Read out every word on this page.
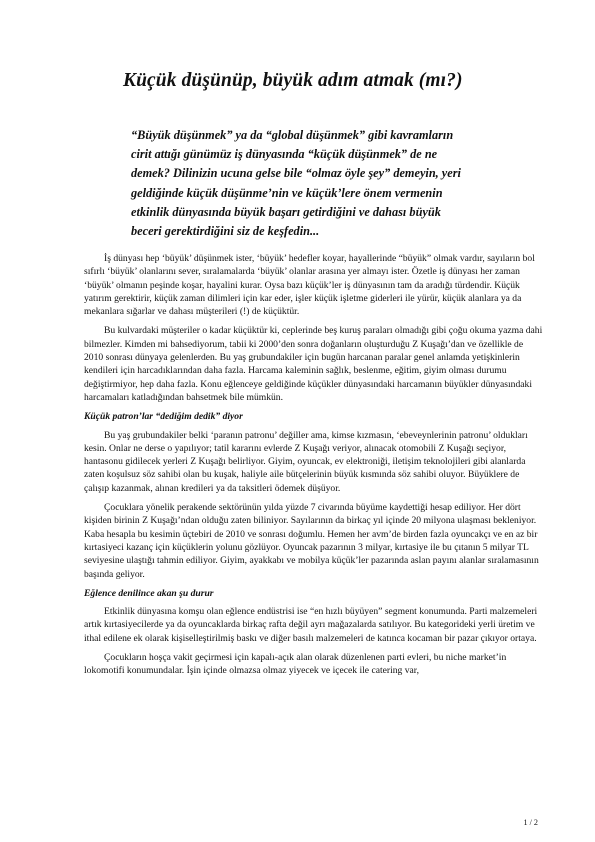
Küçük düşünüp, büyük adım atmak (mı?)
“Büyük düşünmek” ya da “global düşünmek” gibi kavramların
cirit attığı günümüz iş dünyasında “küçük düşünmek” de ne
demek? Dilinizin ucuna gelse bile “olmaz öyle şey” demeyin, yeri
geldiğinde küçük düşünme’nin ve küçük’lere önem vermenin
etkinlik dünyasında büyük başarı getirdiğini ve dahası büyük
beceri gerektirdiğini siz de keşfedin...

İş dünyası hep ‘büyük’ düşünmek ister, ‘büyük’ hedefler koyar, hayallerinde “büyük” olmak vardır, sayıların bol sıfırlı ‘büyük’ olanlarını sever, sıralamalarda ‘büyük’ olanlar arasına yer almayı ister. Özetle iş dünyası her zaman ‘büyük’ olmanın peşinde koşar, hayalini kurar. Oysa bazı küçük’ler iş dünyasının tam da aradığı türdendir. Küçük yatırım gerektirir, küçük zaman dilimleri için kar eder, işler küçük işletme giderleri ile yürür, küçük alanlara ya da mekanlara sığarlar ve dahası müşterileri (!) de küçüktür.

Bu kulvardaki müşteriler o kadar küçüktür ki, ceplerinde beş kuruş paraları olmadığı gibi çoğu okuma yazma dahi bilmezler. Kimden mi bahsediyorum, tabii ki 2000’den sonra doğanların oluşturduğu Z Kuşağı’dan ve özellikle de 2010 sonrası dünyaya gelenlerden. Bu yaş grubundakiler için bugün harcanan paralar genel anlamda yetişkinlerin kendileri için harcadıklarından daha fazla. Harcama kaleminin sağlık, beslenme, eğitim, giyim olması durumu değiştirmiyor, hep daha fazla. Konu eğlenceye geldiğinde küçükler dünyasındaki harcamanın büyükler dünyasındaki harcamaları katladığından bahsetmek bile mümkün.

Küçük patron’lar “dediğim dedik” diyor

Bu yaş grubundakiler belki ‘paranın patronu’ değiller ama, kimse kızmasın, ‘ebeveynlerinin patronu’ oldukları kesin. Onlar ne derse o yapılıyor; tatil kararını evlerde Z Kuşağı veriyor, alınacak otomobili Z Kuşağı seçiyor, hantasonu gidilecek yerleri Z Kuşağı belirliyor. Giyim, oyuncak, ev elektroniği, iletişim teknolojileri gibi alanlarda zaten koşulsuz söz sahibi olan bu kuşak, haliyle aile bütçelerinin büyük kısmında söz sahibi oluyor. Büyüklere de çalışıp kazanmak, alınan kredileri ya da taksitleri ödemek düşüyor.

Çocuklara yönelik perakende sektörünün yılda yüzde 7 civarında büyüme kaydettiği hesap ediliyor. Her dört kişiden birinin Z Kuşağı’ndan olduğu zaten biliniyor. Sayılarının da birkaç yıl içinde 20 milyona ulaşması bekleniyor. Kaba hesapla bu kesimin üçtebiri de 2010 ve sonrası doğumlu. Hemen her avm’de birden fazla oyuncakçı ve en az bir kırtasiyeci kazanç için küçüklerin yolunu gözlüyor. Oyuncak pazarının 3 milyar, kırtasiye ile bu çıtanın 5 milyar TL seviyesine ulaştığı tahmin ediliyor. Giyim, ayakkabı ve mobilya küçük’ler pazarında aslan payını alanlar sıralamasının başında geliyor.

Eğlence denilince akan şu durur

Etkinlik dünyasına komşu olan eğlence endüstrisi ise “en hızlı büyüyen” segment konumunda. Parti malzemeleri artık kırtasiyecilerde ya da oyuncaklarda birkaç rafta değil ayrı mağazalarda satılıyor. Bu kategorideki yerli üretim ve ithal edilene ek olarak kişiselleştirilmiş baskı ve diğer basılı malzemeleri de katınca kocaman bir pazar çıkıyor ortaya.

Çocukların hoşça vakit geçirmesi için kapalı-açık alan olarak düzenlenen parti evleri, bu niche market’in lokomotifi konumundalar. İşin içinde olmazsa olmaz yiyecek ve içecek ile catering var,

1 / 2
